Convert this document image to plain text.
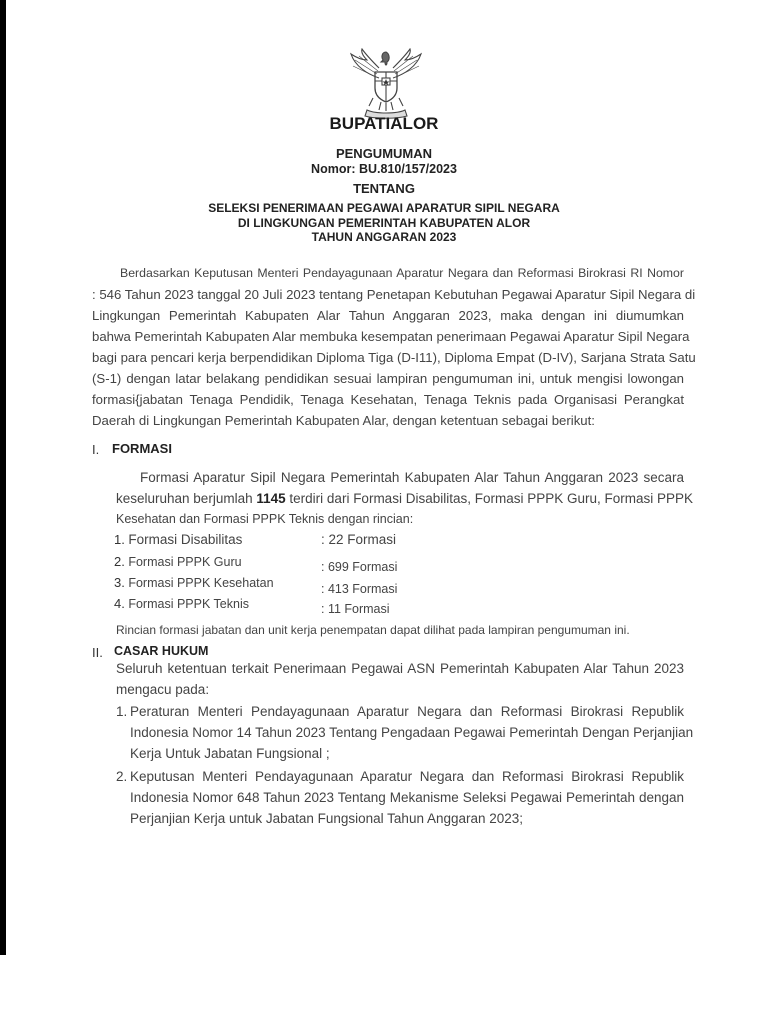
BUPATIALOR
PENGUMUMAN
Nomor: BU.810/157/2023
TENTANG
SELEKSI PENERIMAAN PEGAWAI APARATUR SIPIL NEGARA
DI LINGKUNGAN PEMERINTAH KABUPATEN ALOR
TAHUN ANGGARAN 2023
Berdasarkan Keputusan Menteri Pendayagunaan Aparatur Negara dan Reformasi Birokrasi RI Nomor
: 546 Tahun 2023 tanggal 20 Juli 2023 tentang Penetapan Kebutuhan Pegawai Aparatur Sipil Negara di
Lingkungan Pemerintah Kabupaten Alar Tahun Anggaran 2023, maka dengan ini diumumkan
bahwa Pemerintah Kabupaten Alar membuka kesempatan penerimaan Pegawai Aparatur Sipil Negara
bagi para pencari kerja berpendidikan Diploma Tiga (D-I11), Diploma Empat (D-IV), Sarjana Strata Satu
(S-1) dengan latar belakang pendidikan sesuai lampiran pengumuman ini, untuk mengisi lowongan
formasi{jabatan Tenaga Pendidik, Tenaga Kesehatan, Tenaga Teknis pada Organisasi Perangkat
Daerah di Lingkungan Pemerintah Kabupaten Alar, dengan ketentuan sebagai berikut:
I. FORMASI
Formasi Aparatur Sipil Negara Pemerintah Kabupaten Alar Tahun Anggaran 2023 secara
keseluruhan berjumlah 1145 terdiri dari Formasi Disabilitas, Formasi PPPK Guru, Formasi PPPK
Kesehatan dan Formasi PPPK Teknis dengan rincian:
1. Formasi Disabilitas	: 22 Formasi
2. Formasi PPPK Guru	: 699 Formasi
3. Formasi PPPK Kesehatan	: 413 Formasi
4. Formasi PPPK Teknis	: 11 Formasi
Rincian formasi jabatan dan unit kerja penempatan dapat dilihat pada lampiran pengumuman ini.
II. CASAR HUKUM
Seluruh ketentuan terkait Penerimaan Pegawai ASN Pemerintah Kabupaten Alar Tahun 2023
mengacu pada:
1. Peraturan Menteri Pendayagunaan Aparatur Negara dan Reformasi Birokrasi Republik
Indonesia Nomor 14 Tahun 2023 Tentang Pengadaan Pegawai Pemerintah Dengan Perjanjian
Kerja Untuk Jabatan Fungsional ;
2. Keputusan Menteri Pendayagunaan Aparatur Negara dan Reformasi Birokrasi Republik
Indonesia Nomor 648 Tahun 2023 Tentang Mekanisme Seleksi Pegawai Pemerintah dengan
Perjanjian Kerja untuk Jabatan Fungsional Tahun Anggaran 2023;
